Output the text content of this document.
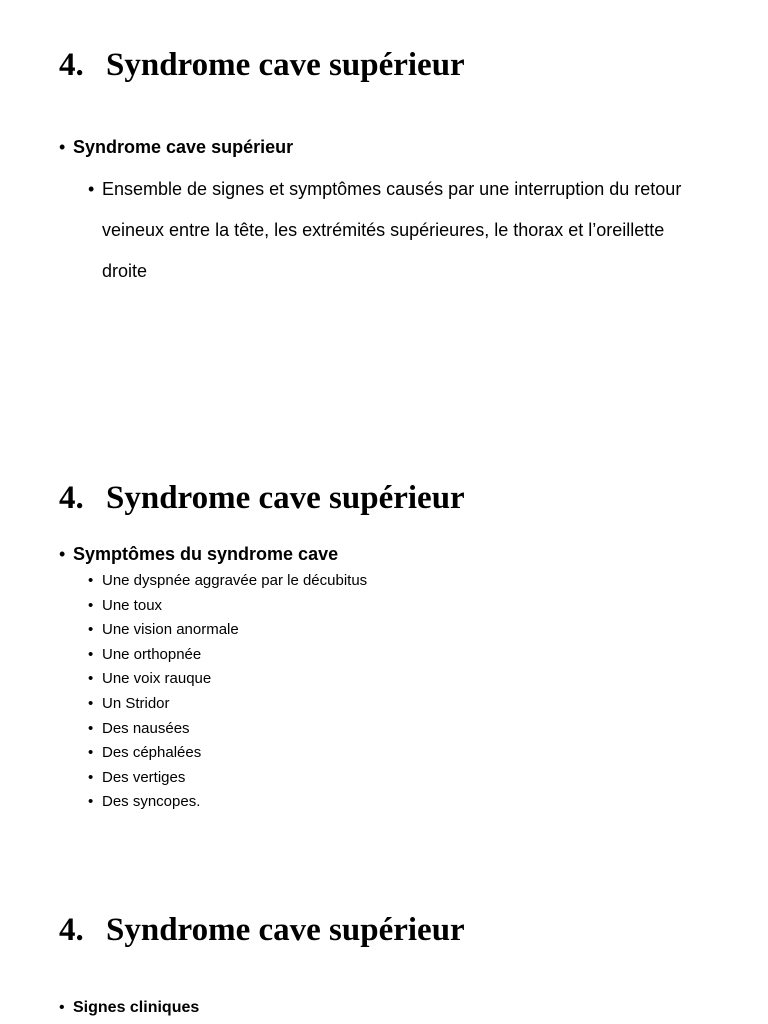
4. Syndrome cave supérieur
• Syndrome cave supérieur
• Ensemble de signes et symptômes causés par une interruption du retour veineux entre la tête, les extrémités supérieures, le thorax et l’oreillette droite
4. Syndrome cave supérieur
• Symptômes du syndrome cave
• Une dyspnée aggravée par le décubitus
• Une toux
• Une vision anormale
• Une orthopnée
• Une voix rauque
• Un Stridor
• Des nausées
• Des céphalées
• Des vertiges
• Des syncopes.
4. Syndrome cave supérieur
• Signes cliniques
